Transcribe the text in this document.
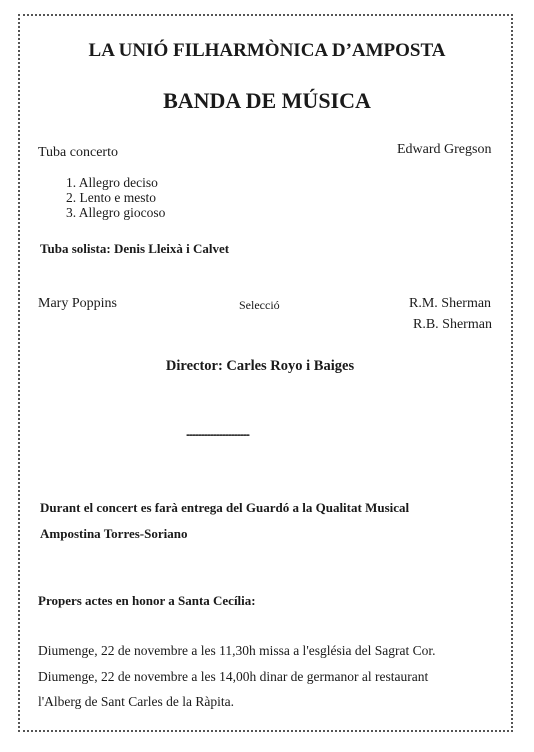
LA UNIÓ FILHARMÒNICA D’AMPOSTA
BANDA DE MÚSICA
Tuba concerto	Edward Gregson
1. Allegro deciso
2. Lento e mesto
3. Allegro giocoso
Tuba solista: Denis Lleixà i Calvet
Mary Poppins	Selecció	R.M. Sherman
R.B. Sherman
Director: Carles Royo i Baiges
..........................................
Durant el concert es farà entrega del Guardó a la Qualitat Musical
Ampostina Torres-Soriano
Propers actes en honor a Santa Cecília:
Diumenge, 22 de novembre a les 11,30h missa a l'església del Sagrat Cor.
Diumenge, 22 de novembre a les 14,00h dinar de germanor al restaurant
l'Alberg de Sant Carles de la Ràpita.
